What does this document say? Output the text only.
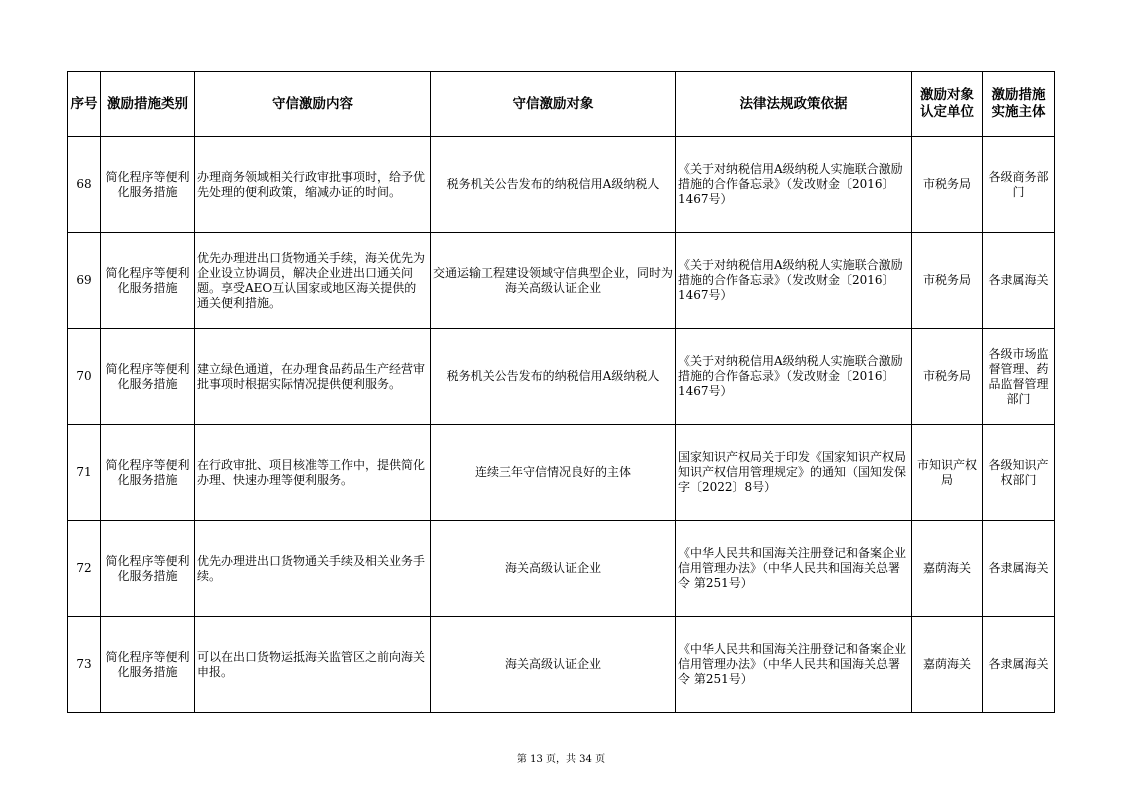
序号	激励措施类别	守信激励内容	守信激励对象	法律法规政策依据	激励对象认定单位	激励措施实施主体
68	简化程序等便利化服务措施	办理商务领域相关行政审批事项时，给予优先处理的便利政策，缩减办证的时间。	税务机关公告发布的纳税信用A级纳税人	《关于对纳税信用A级纳税人实施联合激励措施的合作备忘录》（发改财金〔2016〕1467号）	市税务局	各级商务部门
69	简化程序等便利化服务措施	优先办理进出口货物通关手续，海关优先为企业设立协调员，解决企业进出口通关问题。享受AEO互认国家或地区海关提供的通关便利措施。	交通运输工程建设领域守信典型企业，同时为海关高级认证企业	《关于对纳税信用A级纳税人实施联合激励措施的合作备忘录》（发改财金〔2016〕1467号）	市税务局	各隶属海关
70	简化程序等便利化服务措施	建立绿色通道，在办理食品药品生产经营审批事项时根据实际情况提供便利服务。	税务机关公告发布的纳税信用A级纳税人	《关于对纳税信用A级纳税人实施联合激励措施的合作备忘录》（发改财金〔2016〕1467号）	市税务局	各级市场监督管理、药品监督管理部门
71	简化程序等便利化服务措施	在行政审批、项目核准等工作中，提供简化办理、快速办理等便利服务。	连续三年守信情况良好的主体	国家知识产权局关于印发《国家知识产权局知识产权信用管理规定》的通知（国知发保字〔2022〕8号）	市知识产权局	各级知识产权部门
72	简化程序等便利化服务措施	优先办理进出口货物通关手续及相关业务手续。	海关高级认证企业	《中华人民共和国海关注册登记和备案企业信用管理办法》（中华人民共和国海关总署令 第251号）	嘉荫海关	各隶属海关
73	简化程序等便利化服务措施	可以在出口货物运抵海关监管区之前向海关申报。	海关高级认证企业	《中华人民共和国海关注册登记和备案企业信用管理办法》（中华人民共和国海关总署令 第251号）	嘉荫海关	各隶属海关
第 13 页，共 34 页
